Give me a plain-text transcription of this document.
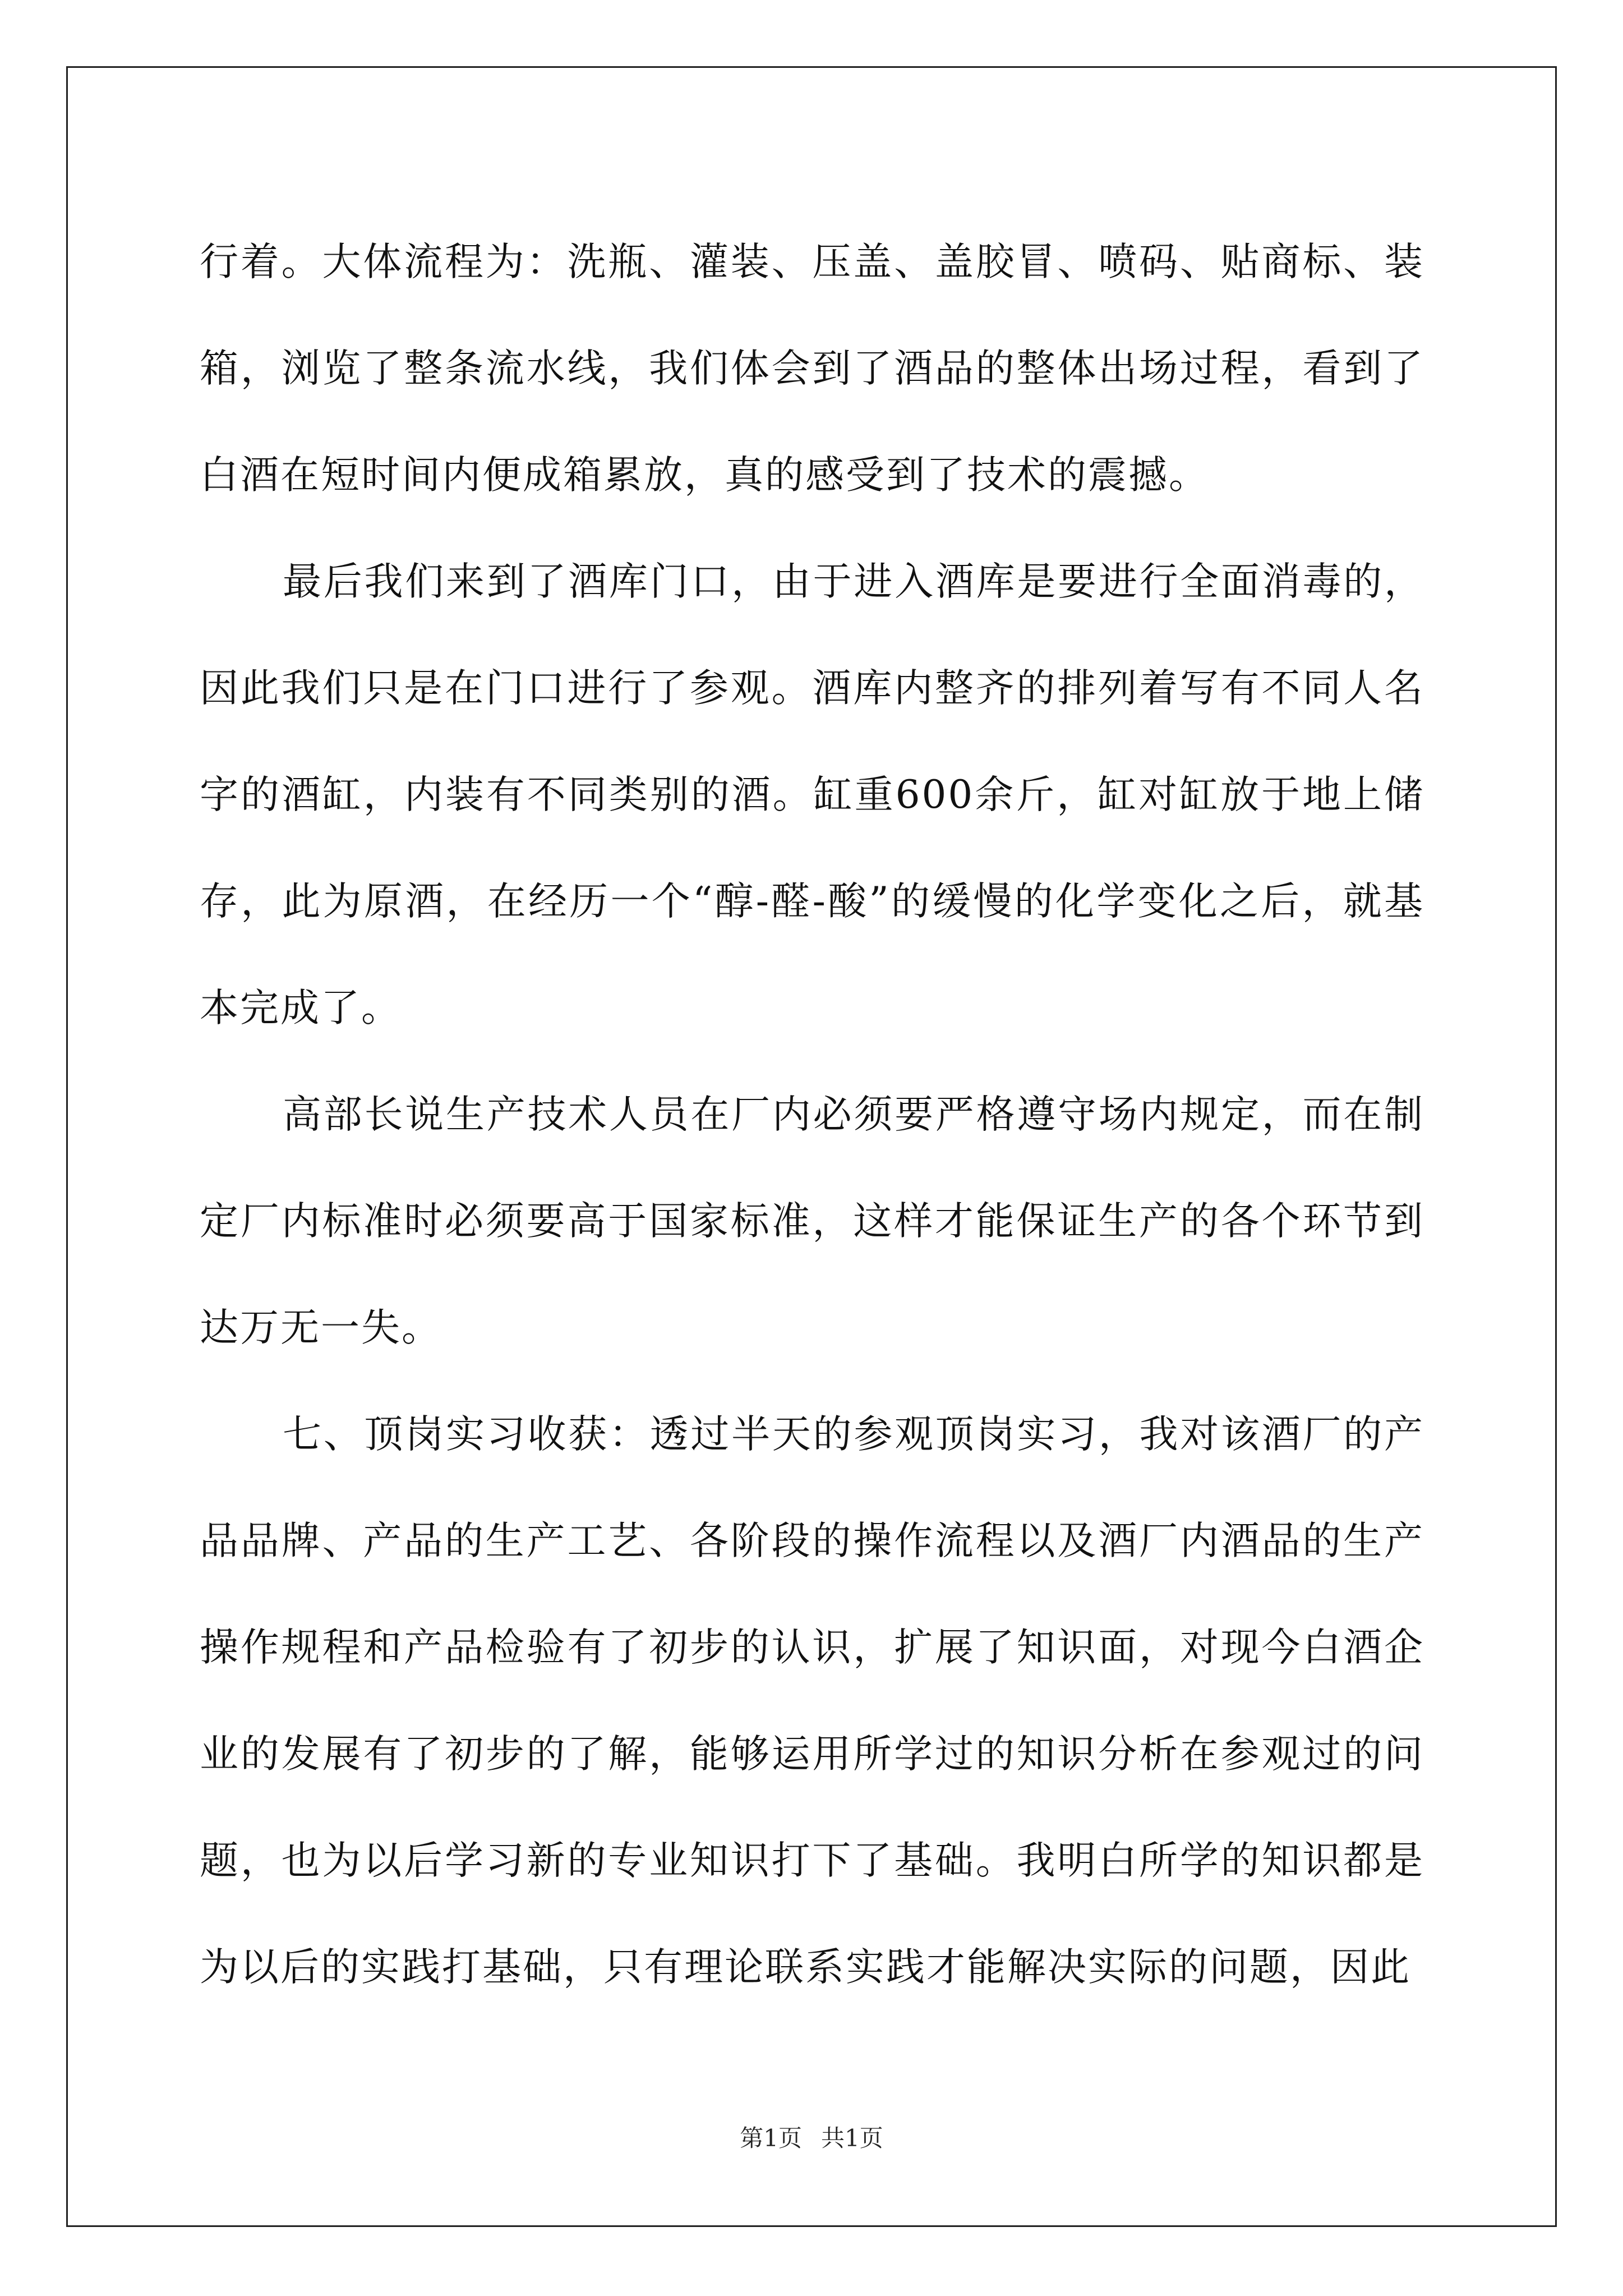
行着。大体流程为：洗瓶、灌装、压盖、盖胶冒、喷码、贴商标、装箱，浏览了整条流水线，我们体会到了酒品的整体出场过程，看到了白酒在短时间内便成箱累放，真的感受到了技术的震撼。

最后我们来到了酒库门口，由于进入酒库是要进行全面消毒的，因此我们只是在门口进行了参观。酒库内整齐的排列着写有不同人名字的酒缸，内装有不同类别的酒。缸重600余斤，缸对缸放于地上储存，此为原酒，在经历一个“醇-醛-酸”的缓慢的化学变化之后，就基本完成了。

高部长说生产技术人员在厂内必须要严格遵守场内规定，而在制定厂内标准时必须要高于国家标准，这样才能保证生产的各个环节到达万无一失。

七、顶岗实习收获：透过半天的参观顶岗实习，我对该酒厂的产品品牌、产品的生产工艺、各阶段的操作流程以及酒厂内酒品的生产操作规程和产品检验有了初步的认识，扩展了知识面，对现今白酒企业的发展有了初步的了解，能够运用所学过的知识分析在参观过的问题，也为以后学习新的专业知识打下了基础。我明白所学的知识都是为以后的实践打基础，只有理论联系实践才能解决实际的问题，因此

第1页 共1页
